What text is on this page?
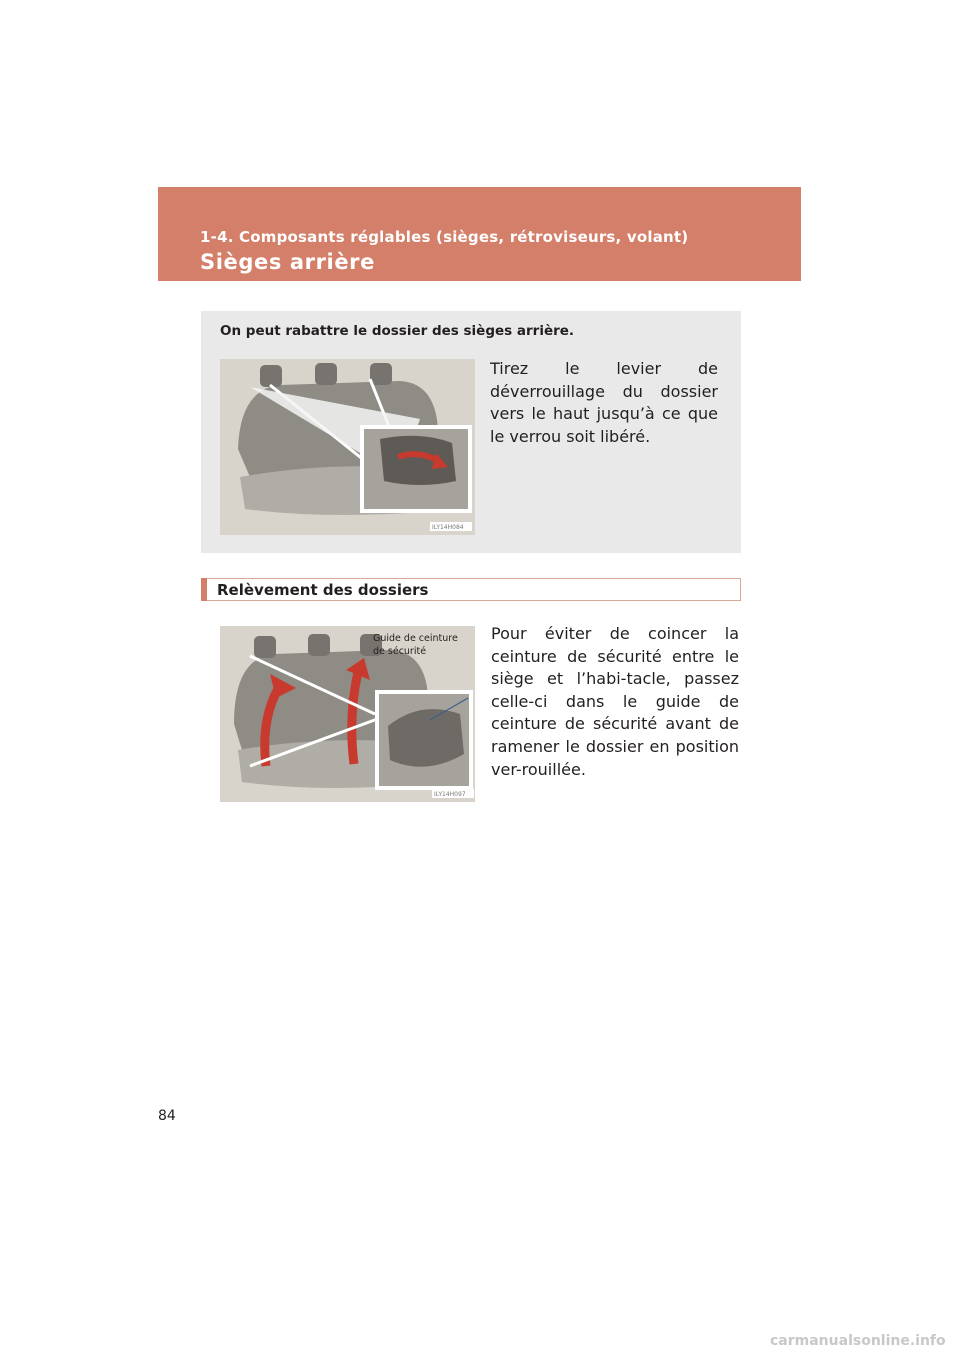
1-4. Composants réglables (sièges, rétroviseurs, volant)
Sièges arrière
On peut rabattre le dossier des sièges arrière.
ILY14H084
Tirez le levier de déverrouillage du dossier vers le haut jusqu’à ce que le verrou soit libéré.
Relèvement des dossiers
ILY14H097
Guide de ceinture
de sécurité
Pour éviter de coincer la ceinture de sécurité entre le siège et l’habi-tacle, passez celle-ci dans le guide de ceinture de sécurité avant de ramener le dossier en position ver-rouillée.
84
carmanualsonline.info
